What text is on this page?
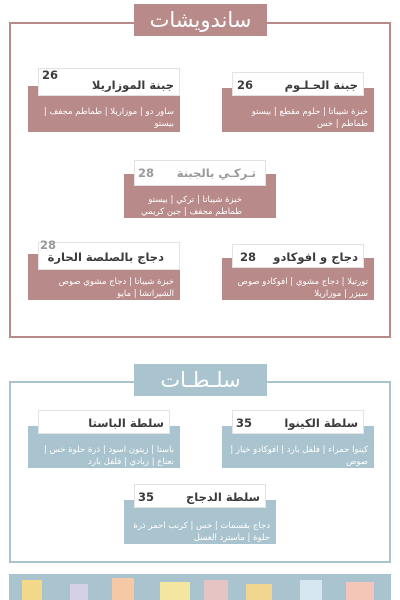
ساندويشات
ساور دو | موزاريلا | طماطم مجفف | بيستو
26
جبنة الموزاريلا
خبزة شيباتا | حلوم مقطع | بيستو طماطم | خس
26	جبنة الحـلـوم
خبزة شيباتا | تركي | بيستو طماطم مجفف | جبن كريمي
28 تـركـي بالجبنة
خبزة شيباتا | دجاج مشوي صوص الشيراتشا | مايو
28
دجاج بالصلصة الحارة
تورتيلا | دجاج مشوي | افوكادو صوص سيزر | موزاريلا
28 دجاج و افوكادو
سلـطـات
باستا | زيتون اسود | ذرة حلوة خس | نعناع | زبادي | فلفل بارد
سلطة الباستا
كينوا حمراء | فلفل بارد | افوكادو خيار | صوص
35	سلطة الكينوا
دجاج بقسمات | خس | كرنب احمر ذرة حلوة | ماسترد العسل
35	سلطة الدجاج
